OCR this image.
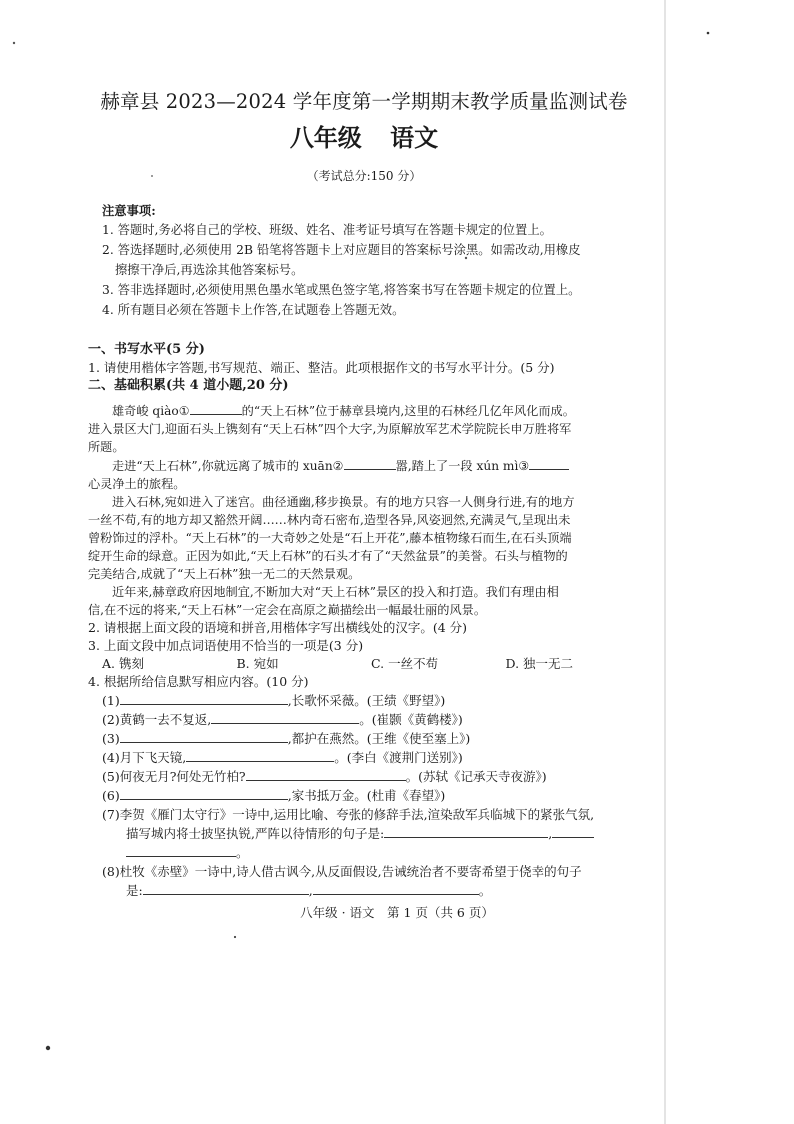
赫章县 2023—2024 学年度第一学期期末教学质量监测试卷

八年级 语文

（考试总分:150 分）

注意事项:

1. 答题时,务必将自己的学校、班级、姓名、准考证号填写在答题卡规定的位置上。

2. 答选择题时,必须使用 2B 铅笔将答题卡上对应题目的答案标号涂黑。如需改动,用橡皮

擦擦干净后,再选涂其他答案标号。

3. 答非选择题时,必须使用黑色墨水笔或黑色签字笔,将答案书写在答题卡规定的位置上。

4. 所有题目必须在答题卡上作答,在试题卷上答题无效。

一、书写水平(5 分)

1. 请使用楷体字答题,书写规范、端正、整洁。此项根据作文的书写水平计分。(5 分)

二、基础积累(共 4 道小题,20 分)

雄奇峻 qiào①	的“天上石林”位于赫章县境内,这里的石林经几亿年风化而成。

进入景区大门,迎面石头上镌刻有“天上石林”四个大字,为原解放军艺术学院院长申万胜将军

所题。

走进“天上石林”,你就远离了城市的 xuān②	嚣,踏上了一段 xún mì③

心灵净土的旅程。

进入石林,宛如进入了迷宫。曲径通幽,移步换景。有的地方只容一人侧身行进,有的地方

一丝不苟,有的地方却又豁然开阔……林内奇石密布,造型各异,风姿迥然,充满灵气,呈现出未

曾粉饰过的浮朴。“天上石林”的一大奇妙之处是“石上开花”,藤本植物缘石而生,在石头顶端

绽开生命的绿意。正因为如此,“天上石林”的石头才有了“天然盆景”的美誉。石头与植物的

完美结合,成就了“天上石林”独一无二的天然景观。

近年来,赫章政府因地制宜,不断加大对“天上石林”景区的投入和打造。我们有理由相

信,在不远的将来,“天上石林”一定会在高原之巅描绘出一幅最壮丽的风景。

2. 请根据上面文段的语境和拼音,用楷体字写出横线处的汉字。(4 分)

3. 上面文段中加点词语使用不恰当的一项是(3 分)

A. 镌刻	B. 宛如	C. 一丝不苟	D. 独一无二

4. 根据所给信息默写相应内容。(10 分)

(1)	,长歌怀采薇。(王绩《野望》)

(2)黄鹤一去不复返,	。(崔颢《黄鹤楼》)

(3)	,都护在燕然。(王维《使至塞上》)

(4)月下飞天镜,	。(李白《渡荆门送别》)

(5)何夜无月?何处无竹柏?	。(苏轼《记承天寺夜游》)

(6)	,家书抵万金。(杜甫《春望》)

(7)李贺《雁门太守行》一诗中,运用比喻、夸张的修辞手法,渲染敌军兵临城下的紧张气氛,

描写城内将士披坚执锐,严阵以待情形的句子是:	,

。

(8)杜牧《赤壁》一诗中,诗人借古讽今,从反面假设,告诫统治者不要寄希望于侥幸的句子

是:	,	。

八年级 · 语文　第 1 页（共 6 页）
